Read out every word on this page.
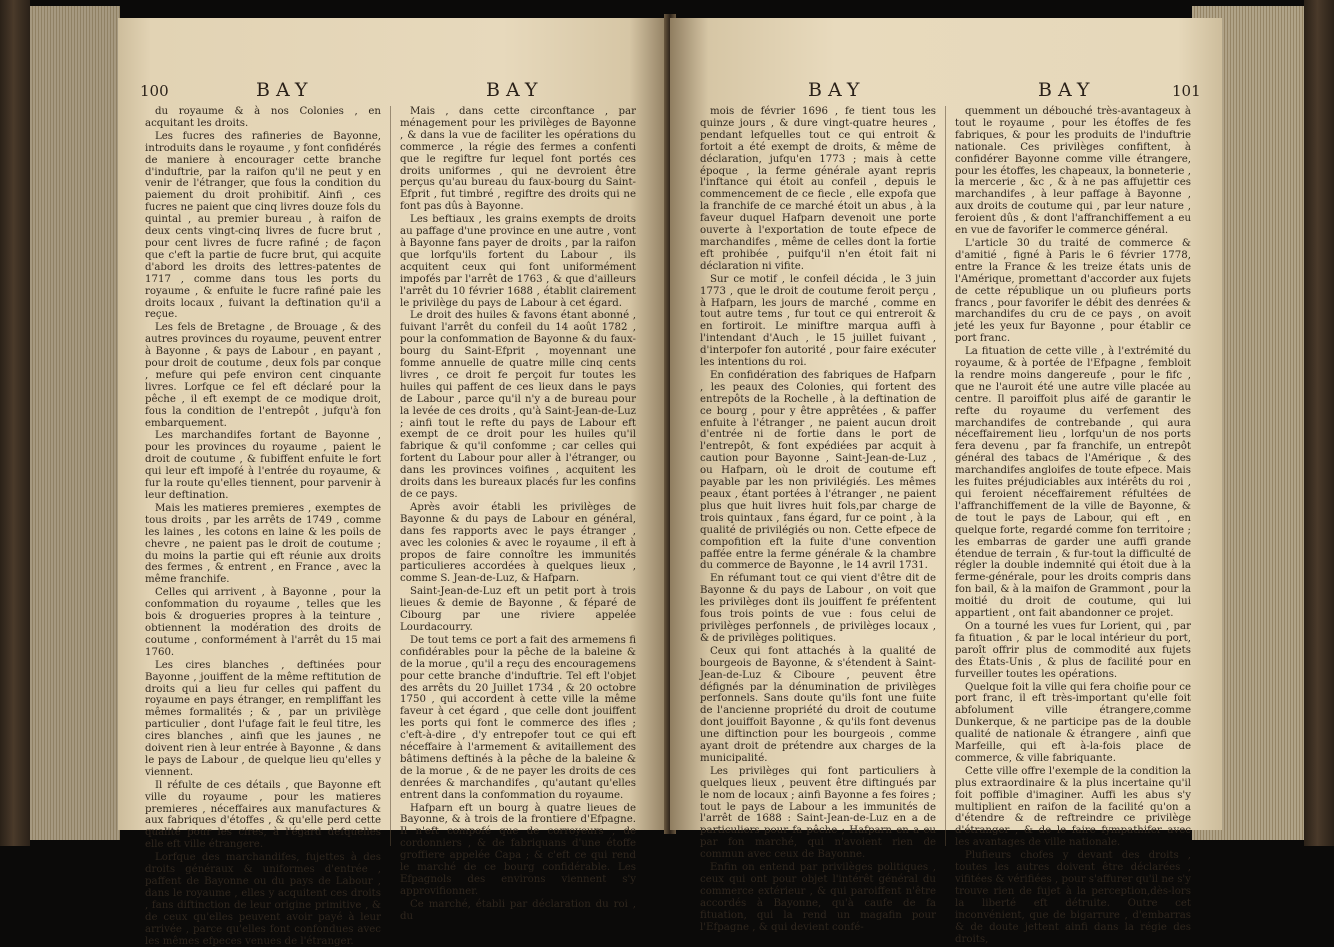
100	BAY	BAY

du royaume & à nos Colonies , en acquitant les droits.

Les fucres des rafineries de Bayonne, introduits dans le royaume , y font confidérés de maniere à encourager cette branche d'induftrie, par la raifon qu'il ne peut y en venir de l'étranger, que fous la condition du paiement du droit prohibitif. Ainfi , ces fucres ne paient que cinq livres douze fols du quintal , au premier bureau , à raifon de deux cents vingt-cinq livres de fucre brut , pour cent livres de fucre rafiné ; de façon que c'eft la partie de fucre brut, qui acquite d'abord les droits des lettres-patentes de 1717 , comme dans tous les ports du royaume , & enfuite le fucre rafiné paie les droits locaux , fuivant la deftination qu'il a reçue.

Les fels de Bretagne , de Brouage , & des autres provinces du royaume, peuvent entrer à Bayonne , & pays de Labour , en payant , pour droit de coutume , deux fols par conque , mefure qui pefe environ cent cinquante livres. Lorfque ce fel eft déclaré pour la pêche , il eft exempt de ce modique droit, fous la condition de l'entrepôt , jufqu'à fon embarquement.

Les marchandifes fortant de Bayonne , pour les provinces du royaume , paient le droit de coutume , & fubiffent enfuite le fort qui leur eft impofé à l'entrée du royaume, & fur la route qu'elles tiennent, pour parvenir à leur deftination.

Mais les matieres premieres , exemptes de tous droits , par les arrêts de 1749 , comme les laines , les cotons en laine & les poils de chevre , ne paient pas le droit de coutume ; du moins la partie qui eft réunie aux droits des fermes , & entrent , en France , avec la même franchife.

Celles qui arrivent , à Bayonne , pour la confommation du royaume , telles que les bois & drogueries propres à la teinture , obtiennent la modération des droits de coutume , conformément à l'arrêt du 15 mai 1760.

Les cires blanches , deftinées pour Bayonne , jouiffent de la même reftitution de droits qui a lieu fur celles qui paffent du royaume en pays étranger, en rempliffant les mêmes formalités ; & , par un privilège particulier , dont l'ufage fait le feul titre, les cires blanches , ainfi que les jaunes , ne doivent rien à leur entrée à Bayonne , & dans le pays de Labour , de quelque lieu qu'elles y viennent.

Il réfulte de ces détails , que Bayonne eft ville du royaume , pour les matieres premieres , néceffaires aux manufactures & aux fabriques d'étoffes , & qu'elle perd cette qualité pour les cires, à l'égard defquelles elle eft ville étrangere.

Lorfque des marchandifes, fujettes à des droits généraux & uniformes d'entrée , paffent de Bayonne ou du pays de Labour , dans le royaume , elles y acquitent ces droits , fans diftinction de leur origine primitive , & de ceux qu'elles peuvent avoir payé à leur arrivée , parce qu'elles font confondues avec les mêmes efpeces venues de l'étranger.

Mais , dans cette circonftance , par ménagement pour les privilèges de Bayonne , & dans la vue de faciliter les opérations du commerce , la régie des fermes a confenti que le regiftre fur lequel font portés ces droits uniformes , qui ne devroient être perçus qu'au bureau du faux-bourg du Saint-Efprit , fut timbré , regiftre des droits qui ne font pas dûs à Bayonne.

Les beftiaux , les grains exempts de droits au paffage d'une province en une autre , vont à Bayonne fans payer de droits , par la raifon que lorfqu'ils fortent du Labour , ils acquitent ceux qui font uniformément impofés par l'arrêt de 1763 , & que d'ailleurs l'arrêt du 10 février 1688 , établit clairement le privilège du pays de Labour à cet égard.

Le droit des huiles & favons étant abonné , fuivant l'arrêt du confeil du 14 août 1782 , pour la confommation de Bayonne & du faux-bourg du Saint-Efprit , moyennant une fomme annuelle de quatre mille cinq cents livres , ce droit fe perçoit fur toutes les huiles qui paffent de ces lieux dans le pays de Labour , parce qu'il n'y a de bureau pour la levée de ces droits , qu'à Saint-Jean-de-Luz ; ainfi tout le refte du pays de Labour eft exempt de ce droit pour les huiles qu'il fabrique & qu'il confomme ; car celles qui fortent du Labour pour aller à l'étranger, ou dans les provinces voifines , acquitent les droits dans les bureaux placés fur les confins de ce pays.

Après avoir établi les privilèges de Bayonne & du pays de Labour en général, dans fes rapports avec le pays étranger , avec les colonies & avec le royaume , il eft à propos de faire connoître les immunités particulieres accordées à quelques lieux , comme S. Jean-de-Luz, & Hafparn.

Saint-Jean-de-Luz eft un petit port à trois lieues & demie de Bayonne , & féparé de Cibourg par une riviere appelée Lourdacourry.

De tout tems ce port a fait des armemens fi confidérables pour la pêche de la baleine & de la morue , qu'il a reçu des encouragemens pour cette branche d'induftrie. Tel eft l'objet des arrêts du 20 Juillet 1734 , & 20 octobre 1750 , qui accordent à cette ville la même faveur à cet égard , que celle dont jouiffent les ports qui font le commerce des ifles ; c'eft-à-dire , d'y entrepofer tout ce qui eft néceffaire à l'armement & avitaillement des bâtimens deftinés à la pêche de la baleine & de la morue , & de ne payer les droits de ces denrées & marchandifes , qu'autant qu'elles entrent dans la confommation du royaume.

Hafparn eft un bourg à quatre lieues de Bayonne, & à trois de la frontiere d'Efpagne. Il n'eft compofé que de corroyeurs , de cordonniers , & de fabriquans d'une étoffe groffiere appelée Capa ; & c'eft ce qui rend le marché de ce bourg confidérable. Les Efpagnols des environs viennent s'y approvifionner.

Ce marché, établi par déclaration du roi , du

BAY	BAY	101

mois de février 1696 , fe tient tous les quinze jours , & dure vingt-quatre heures , pendant lefquelles tout ce qui entroit & fortoit a été exempt de droits, & même de déclaration, jufqu'en 1773 ; mais à cette époque , la ferme générale ayant repris l'inftance qui étoit au confeil , depuis le commencement de ce fiecle , elle expofa que la franchife de ce marché étoit un abus , à la faveur duquel Hafparn devenoit une porte ouverte à l'exportation de toute efpece de marchandifes , même de celles dont la fortie eft prohibée , puifqu'il n'en étoit fait ni déclaration ni vifite.

Sur ce motif , le confeil décida , le 3 juin 1773 , que le droit de coutume feroit perçu , à Hafparn, les jours de marché , comme en tout autre tems , fur tout ce qui entreroit & en fortiroit. Le miniftre marqua auffi à l'intendant d'Auch , le 15 juillet fuivant , d'interpofer fon autorité , pour faire exécuter les intentions du roi.

En confidération des fabriques de Hafparn , les peaux des Colonies, qui fortent des entrepôts de la Rochelle , à la deftination de ce bourg , pour y être apprêtées , & paffer enfuite à l'étranger , ne paient aucun droit d'entrée ni de fortie dans le port de l'entrepôt, & font expédiées par acquit à caution pour Bayonne , Saint-Jean-de-Luz , ou Hafparn, où le droit de coutume eft payable par les non privilégiés. Les mêmes peaux , étant portées à l'étranger , ne paient plus que huit livres huit fols,par charge de trois quintaux , fans égard, fur ce point , à la qualité de privilégiés ou non. Cette efpece de compofition eft la fuite d'une convention paffée entre la ferme générale & la chambre du commerce de Bayonne , le 14 avril 1731.

En réfumant tout ce qui vient d'être dit de Bayonne & du pays de Labour , on voit que les privilèges dont ils jouiffent fe préfentent fous trois points de vue : fous celui de privilèges perfonnels , de privilèges locaux , & de privilèges politiques.

Ceux qui font attachés à la qualité de bourgeois de Bayonne, & s'étendent à Saint-Jean-de-Luz & Ciboure , peuvent être défignés par la dénumination de privilèges perfonnels. Sans doute qu'ils font une fuite de l'ancienne propriété du droit de coutume dont jouiffoit Bayonne , & qu'ils font devenus une diftinction pour les bourgeois , comme ayant droit de prétendre aux charges de la municipalité.

Les privilèges qui font particuliers à quelques lieux , peuvent être diftingués par le nom de locaux ; ainfi Bayonne a fes foires ; tout le pays de Labour a les immunités de l'arrêt de 1688 : Saint-Jean-de-Luz en a de particuliers pour fa pêche ; Hafparn en a eu par fon marché, qui n'avoient rien de commun avec ceux de Bayonne.

Enfin on entend par privilèges politiques , ceux qui ont pour objet l'intérêt général du commerce extérieur , & qui paroiffent n'être accordés à Bayonne, qu'à caufe de fa fituation, qui la rend un magafin pour l'Efpagne , & qui devient confé-

quemment un débouché très-avantageux à tout le royaume , pour les étoffes de fes fabriques, & pour les produits de l'induftrie nationale. Ces privilèges confiftent, à confidérer Bayonne comme ville étrangere, pour les étoffes, les chapeaux, la bonneterie , la mercerie , &c , & à ne pas affujettir ces marchandifes , à leur paffage à Bayonne , aux droits de coutume qui , par leur nature , feroient dûs , & dont l'affranchiffement a eu en vue de favorifer le commerce général.

L'article 30 du traité de commerce & d'amitié , figné à Paris le 6 février 1778, entre la France & les treize états unis de l'Amérique, promettant d'accorder aux fujets de cette république un ou plufieurs ports francs , pour favorifer le débit des denrées & marchandifes du cru de ce pays , on avoit jeté les yeux fur Bayonne , pour établir ce port franc.

La fituation de cette ville , à l'extrémité du royaume, & à portée de l'Efpagne , fembloit la rendre moins dangereufe , pour le fifc , que ne l'auroit été une autre ville placée au centre. Il paroiffoit plus aifé de garantir le refte du royaume du verfement des marchandifes de contrebande , qui aura néceffairement lieu , lorfqu'un de nos ports fera devenu , par fa franchife, un entrepôt général des tabacs de l'Amérique , & des marchandifes angloifes de toute efpece. Mais les fuites préjudiciables aux intérêts du roi , qui feroient néceffairement réfultées de l'affranchiffement de la ville de Bayonne, & de tout le pays de Labour, qui eft , en quelque forte, regardé comme fon territoire ; les embarras de garder une auffi grande étendue de terrain , & fur-tout la difficulté de régler la double indemnité qui étoit due à la ferme-générale, pour les droits compris dans fon bail, & à la maifon de Grammont , pour la moitié du droit de coutume, qui lui appartient , ont fait abandonner ce projet.

On a tourné les vues fur Lorient, qui , par fa fituation , & par le local intérieur du port, paroît offrir plus de commodité aux fujets des États-Unis , & plus de facilité pour en furveiller toutes les opérations.

Quelque foit la ville qui fera choifie pour ce port franc, il eft très-important qu'elle foit abfolument ville étrangere,comme Dunkerque, & ne participe pas de la double qualité de nationale & étrangere , ainfi que Marfeille, qui eft à-la-fois place de commerce, & ville fabriquante.

Cette ville offre l'exemple de la condition la plus extraordinaire & la plus incertaine qu'il foit poffible d'imaginer. Auffi les abus s'y multiplient en raifon de la facilité qu'on a d'étendre & de reftreindre ce privilège d'étranger , & de le faire fympathifer avec les avantages de ville nationale.

Plufieurs chofes y devant des droits , toutes les autres doivent être déclarées , vifitées & vérifiées , pour s'affurer qu'il ne s'y trouve rien de fujet à la perception,dès-lors la liberté eft détruite. Outre cet inconvénient, que de bigarrure , d'embarras & de doute jettent ainfi dans la régie des droits,
